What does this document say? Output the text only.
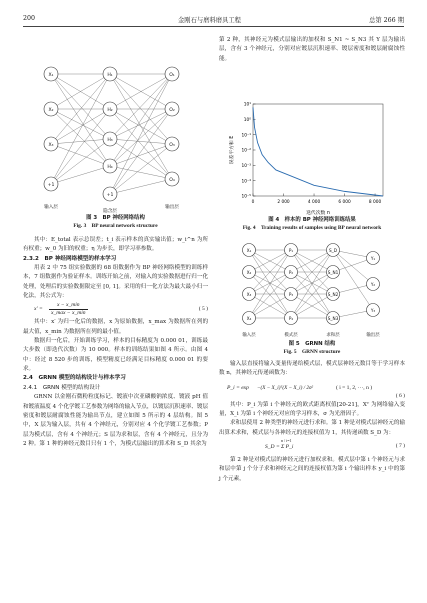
200	金刚石与磨料磨具工程	总第 266 期
X₁
X₂
X₃
+1
H₁
H₂
H₃
H₄
+1
O₁
O₂
O₃
O₄
输入层
隐含层
输出层

图 3　BP 神经网络结构

Fig. 3　BP neural network structure

其中：E_total 表示总误差；t_i 表示样本的真实输出值；w_i^n 为所有权重；w_0 为旧的权重；η 为步长，即学习率参数。

2.3.2　BP 神经网络模型的样本学习

用表 2 中 75 组实验数据的 68 组数据作为 BP 神经网络模型的训练样本，7 组数据作为验证样本。训练开始之前，对输入的实验数据进行归一化处理，处理后的实验数据限定至 [0, 1]。采用的归一化方法为最大最小归一化法，其公式为：

x′ =
x − x_min
x_max − x_min
( 5 )

其中：x′ 为归一化后的数据，x 为原始数据，x_max 为数据所在列的最大值，x_min 为数据所在列的最小值。

数据归一化后，开始训练学习，样本的目标精度为 0.000 01，训练最大步数（即迭代次数）为 10 000。样本的训练结果如图 4 所示。由图 4 中：经过 8 520 步的训练，模型精度已经满足目标精度 0.000 01 的要求。

2.4　GRNN 模型的结构设计与样本学习

2.4.1　GRNN 模型的结构设计

GRNN 以金刚石微粉粒度标记、镀液中次亚磷酸钠浓度、镀液 pH 值和镀液温度 4 个化学镀工艺参数为网络的输入节点，以镀层沉积速率、镀层密度和镀层耐腐蚀性能为输出节点，建立如图 5 所示的 4 层结构。图 5 中，X 层为输入层，共有 4 个神经元，分别对应 4 个化学镀工艺参数；P 层为模式层，含有 4 个神经元；S 层为求和层，含有 4 个神经元，且分为 2 种。第 1 种的神经元数目只有 1 个，为模式层输出的算术和 S_D 其余为

第 2 种，其神经元为模式层输出的加权和 S_N1 ~ S_N3 其 Y 层为输出层，含有 3 个神经元，分别对应镀层沉积速率、镀层密度和镀层耐腐蚀性能。

10¹
10⁰
10⁻¹
10⁻²
10⁻³
10⁻⁴
10⁻⁵
0	2 000	4 000	6 000	8 000
迭代次数 n
误差平方和 E

图 4　样本的 BP 神经网络训练结果

Fig. 4　Training results of samples using BP neural network

X₁
X₂
X₃
X₄
P₁
P₂
P₃
P₄
S_D
S_N1
S_N2
S_N3
Y₁
Y₂
Y₃
输入层	模式层	求和层	输出层

图 5　GRNN 结构

Fig. 5　GRNN structure

输入层直接将输入变量传递给模式层，模式层神经元数目等于学习样本数 n，其神经元传递函数为：

P_i = exp −(X − X_i)ᵀ(X − X_i) / 2σ²	( i = 1, 2, ···, n )
( 6 )

其中：P_i 为第 i 个神经元的欧式距离权值[20-21]，Xᵀ 为网络输入变量，X_i 为第 i 个神经元对应的学习样本，σ 为光滑因子。

求和层使用 2 种类型的神经元进行求和。第 1 种是对模式层神经元的输出算术求和，模式层与各神经元的连接权值为 1，其传递函数 S_D 为：

S_D = Σ P_i
n / i=1
( 7 )

第 2 种是对模式层的神经元进行加权求和。模式层中第 i 个神经元与求和层中第 j 个分子求和神经元之间的连接权值为第 i 个输出样本 y_i 中的第 j 个元素，
